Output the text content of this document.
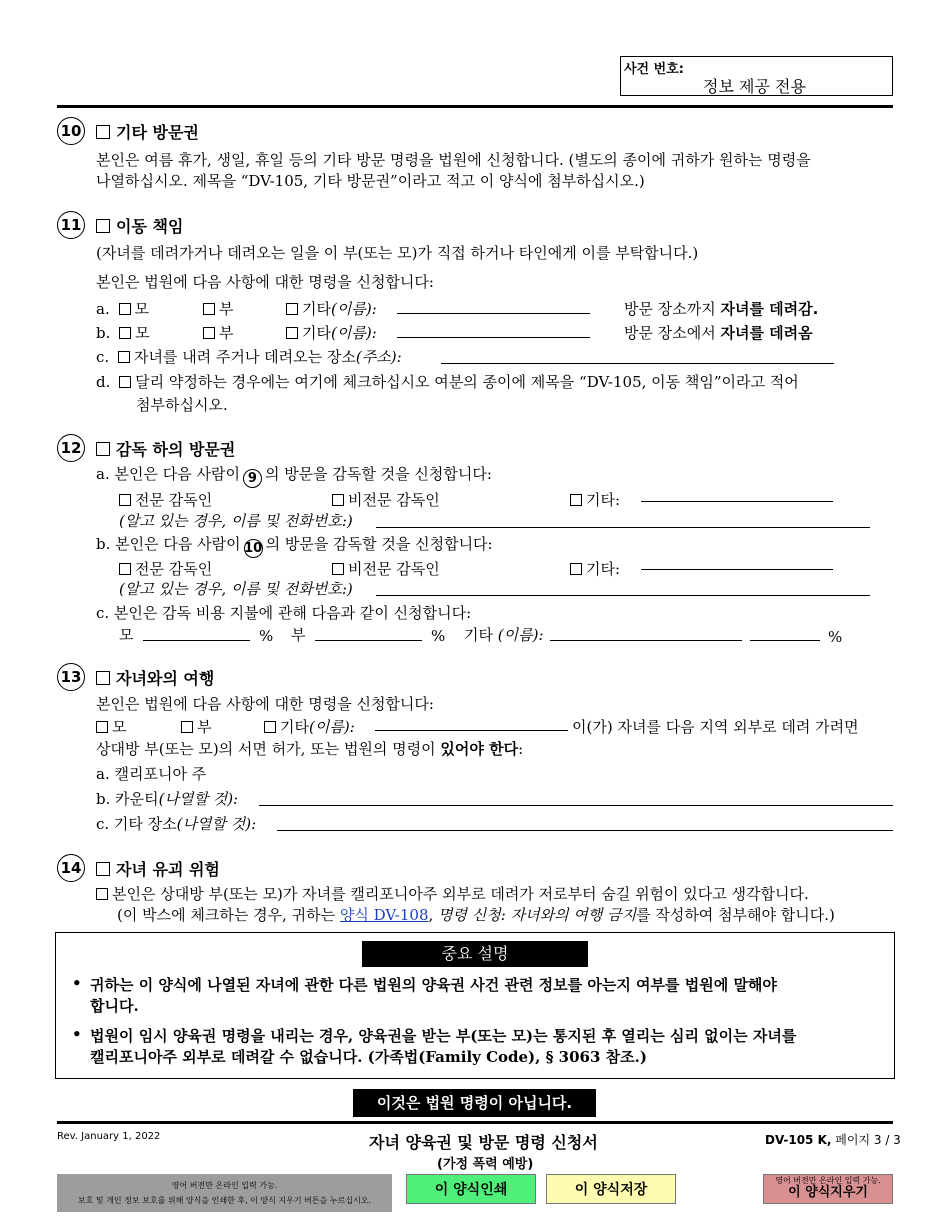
사건 번호:
정보 제공 전용
10	기타 방문권
본인은 여름 휴가, 생일, 휴일 등의 기타 방문 명령을 법원에 신청합니다. (별도의 종이에 귀하가 원하는 명령을
나열하십시오. 제목을 “DV-105, 기타 방문권”이라고 적고 이 양식에 첨부하십시오.)
11	이동 책임
(자녀를 데려가거나 데려오는 일을 이 부(또는 모)가 직접 하거나 타인에게 이를 부탁합니다.)
본인은 법원에 다음 사항에 대한 명령을 신청합니다:
a. 모	부	기타(이름):	방문 장소까지 자녀를 데려감.
b. 모	부	기타(이름):	방문 장소에서 자녀를 데려옴
c. 자녀를 내려 주거나 데려오는 장소(주소):
d. 달리 약정하는 경우에는 여기에 체크하십시오 여분의 종이에 제목을 “DV-105, 이동 책임”이라고 적어
첨부하십시오.
12	감독 하의 방문권
a. 본인은 다음 사람이 9 의 방문을 감독할 것을 신청합니다:
전문 감독인	비전문 감독인	기타:
(알고 있는 경우, 이름 및 전화번호:)
b. 본인은 다음 사람이 10 의 방문을 감독할 것을 신청합니다:
전문 감독인	비전문 감독인	기타:
(알고 있는 경우, 이름 및 전화번호:)
c. 본인은 감독 비용 지불에 관해 다음과 같이 신청합니다:
모	% 부	% 기타 (이름):	%
13	자녀와의 여행
본인은 법원에 다음 사항에 대한 명령을 신청합니다:
모	부	기타(이름):	이(가) 자녀를 다음 지역 외부로 데려 가려면
상대방 부(또는 모)의 서면 허가, 또는 법원의 명령이 있어야 한다:
a. 캘리포니아 주
b. 카운티(나열할 것):
c. 기타 장소(나열할 것):
14	자녀 유괴 위험
본인은 상대방 부(또는 모)가 자녀를 캘리포니아주 외부로 데려가 저로부터 숨길 위험이 있다고 생각합니다.
(이 박스에 체크하는 경우, 귀하는 양식 DV-108, 명령 신청: 자녀와의 여행 금지를 작성하여 첨부해야 합니다.)
중요 설명
• 귀하는 이 양식에 나열된 자녀에 관한 다른 법원의 양육권 사건 관련 정보를 아는지 여부를 법원에 말해야
합니다.
• 법원이 임시 양육권 명령을 내리는 경우, 양육권을 받는 부(또는 모)는 통지된 후 열리는 심리 없이는 자녀를
캘리포니아주 외부로 데려갈 수 없습니다. (가족법(Family Code), § 3063 참조.)
이것은 법원 명령이 아닙니다.
Rev. January 1, 2022	자녀 양육권 및 방문 명령 신청서
(가정 폭력 예방)
DV-105 K, 페이지 3 / 3
영어 버전만 온라인 입력 가능.
보호 및 개인 정보 보호를 위해 양식을 인쇄한 후, 이 양식 지우기 버튼을 누르십시오.
이 양식인쇄	이 양식저장
영어 버전만 온라인 입력 가능.
이 양식지우기
